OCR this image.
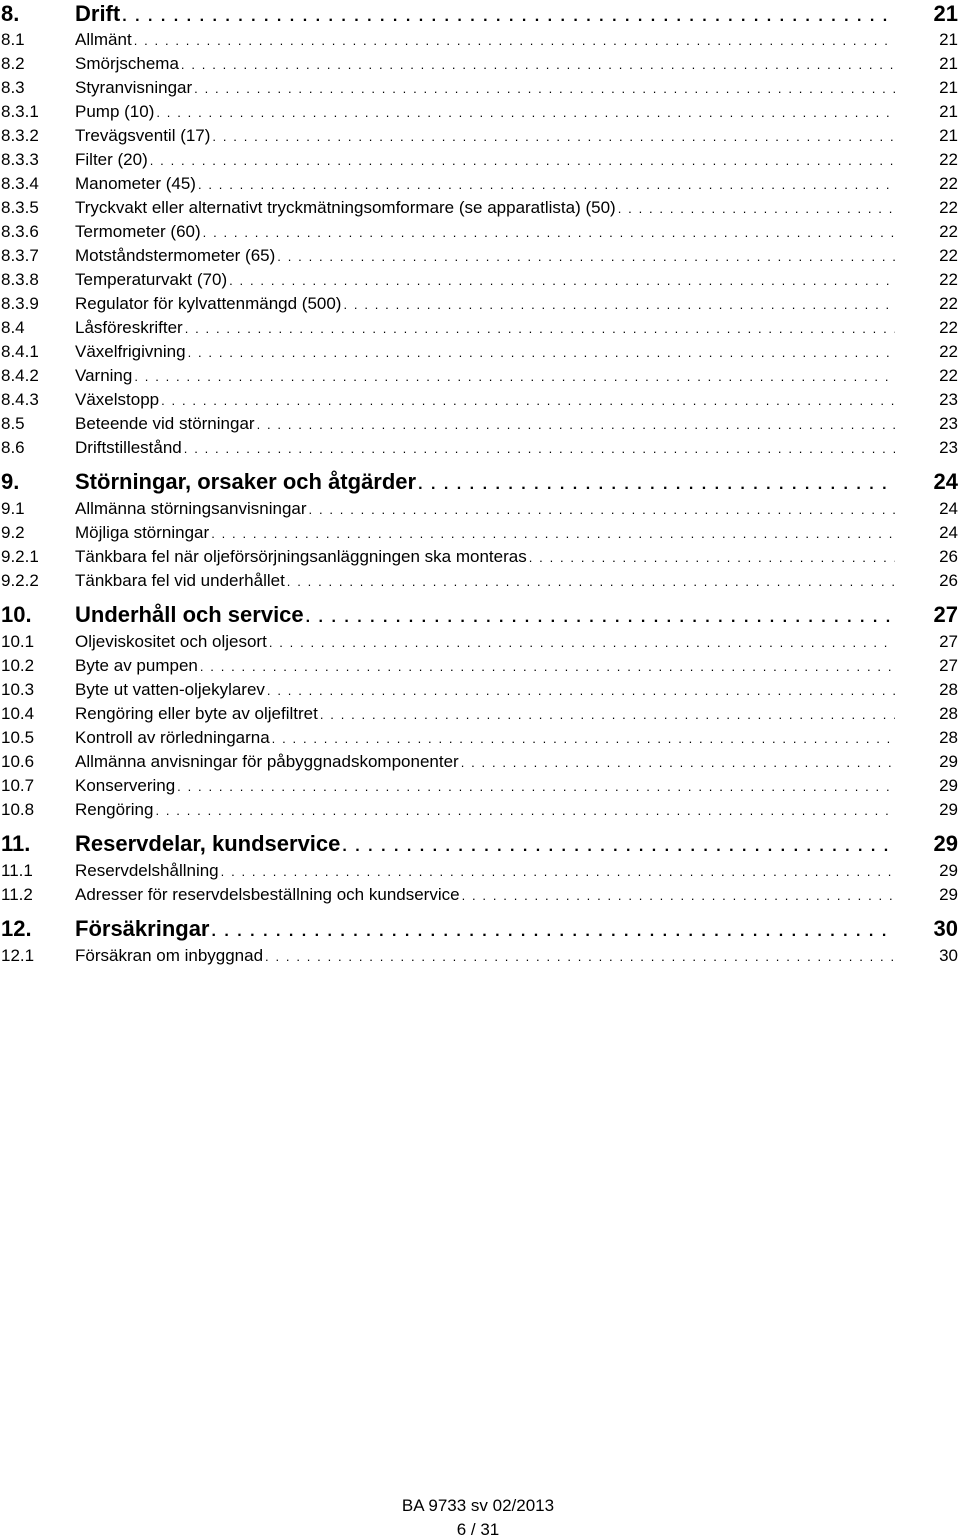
8.	Drift . . .	21
8.1	Allmänt . . .	21
8.2	Smörjschema . . .	21
8.3	Styranvisningar . . .	21
8.3.1 Pump (10) . . .	21
8.3.2 Trevägsventil (17) . . .	21
8.3.3 Filter (20) . . .	22
8.3.4 Manometer (45) . . .	22
8.3.5 Tryckvakt eller alternativt tryckmätningsomformare (se apparatlista) (50) . . .	22
8.3.6 Termometer (60) . . .	22
8.3.7 Motståndstermometer (65) . . .	22
8.3.8 Temperaturvakt (70) . . .	22
8.3.9 Regulator för kylvattenmängd (500) . . .	22
8.4	Låsföreskrifter . . .	22
8.4.1 Växelfrigivning . . .	22
8.4.2 Varning . . .	22
8.4.3 Växelstopp . . .	23
8.5	Beteende vid störningar . . .	23
8.6	Driftstillestånd . . .	23
9.	Störningar, orsaker och åtgärder . . .	24
9.1	Allmänna störningsanvisningar . . .	24
9.2	Möjliga störningar . . .	24
9.2.1 Tänkbara fel när oljeförsörjningsanläggningen ska monteras . . .	26
9.2.2 Tänkbara fel vid underhållet . . .	26
10. Underhåll och service . . .	27
10.1 Oljeviskositet och oljesort . . .	27
10.2 Byte av pumpen . . .	27
10.3 Byte ut vatten-oljekylarev . . .	28
10.4 Rengöring eller byte av oljefiltret . . .	28
10.5 Kontroll av rörledningarna . . .	28
10.6 Allmänna anvisningar för påbyggnadskomponenter . . .	29
10.7 Konservering . . .	29
10.8 Rengöring . . .	29
11. Reservdelar, kundservice . . .	29
11.1 Reservdelshållning . . .	29
11.2 Adresser för reservdelsbeställning och kundservice . . .	29
12. Försäkringar . . .	30
12.1 Försäkran om inbyggnad . . .	30
BA 9733 sv 02/2013
6 / 31
